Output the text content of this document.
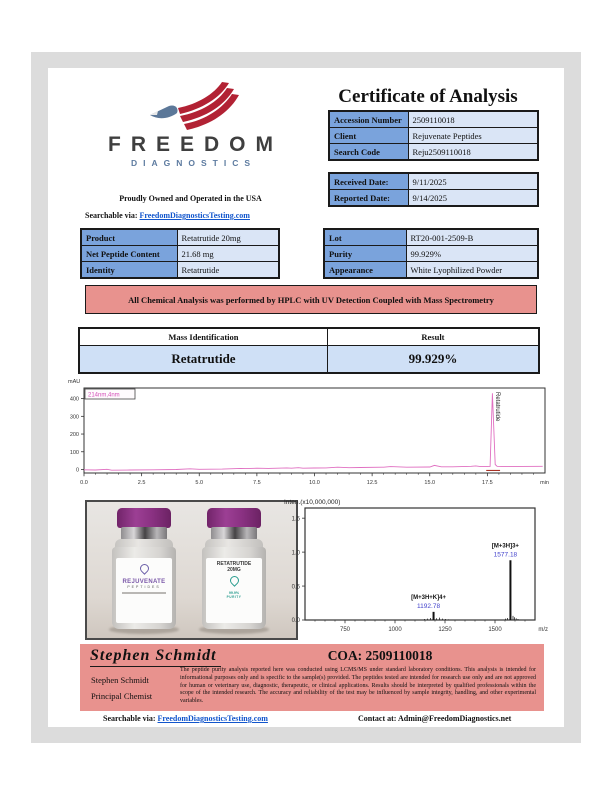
FREEDOM
DIAGNOSTICS
Proudly Owned and Operated in the USA
Searchable via: FreedomDiagnosticsTesting.com
Certificate of Analysis
Accession Number	2509110018
Client	Rejuvenate Peptides
Search Code	Reju2509110018
Received Date:	9/11/2025
Reported Date:	9/14/2025
Product	Retatrutide 20mg
Net Peptide Content	21.68 mg
Identity	Retatrutide
Lot	RT20-001-2509-B
Purity	99.929%
Appearance	White Lyophilized Powder
All Chemical Analysis was performed by HPLC with UV Detection Coupled with Mass Spectrometry
Mass Identification	Result
Retatrutide	99.929%
mAU
0
100
200
300
400
0.0	2.5	5.0	7.5	10.0	12.5	15.0	17.5	min
214nm,4nm	Retatrutide
REJUVENATE
PEPTIDES
RETATRUTIDE
20MG
99.9%
PURITY
Inten.(x10,000,000)
0.0
0.5
1.0
1.5
750	1000	1250	1500	m/z
[M+3H+K]4+
1192.78
[M+3H]3+
1577.18
Stephen Schmidt
Stephen Schmidt
Principal Chemist
COA: 2509110018
The peptide purity analysis reported here was conducted using LCMS/MS under standard laboratory conditions. This analysis is intended for informational purposes only and is specific to the sample(s) provided. The peptides tested are intended for research use only and are not approved for human or veterinary use, diagnostic, therapeutic, or clinical applications. Results should be interpreted by qualified professionals within the scope of the intended research. The accuracy and reliability of the test may be influenced by sample integrity, handling, and other experimental variables.
Searchable via: FreedomDiagnosticsTesting.com	Contact at: Admin@FreedomDiagnostics.net
